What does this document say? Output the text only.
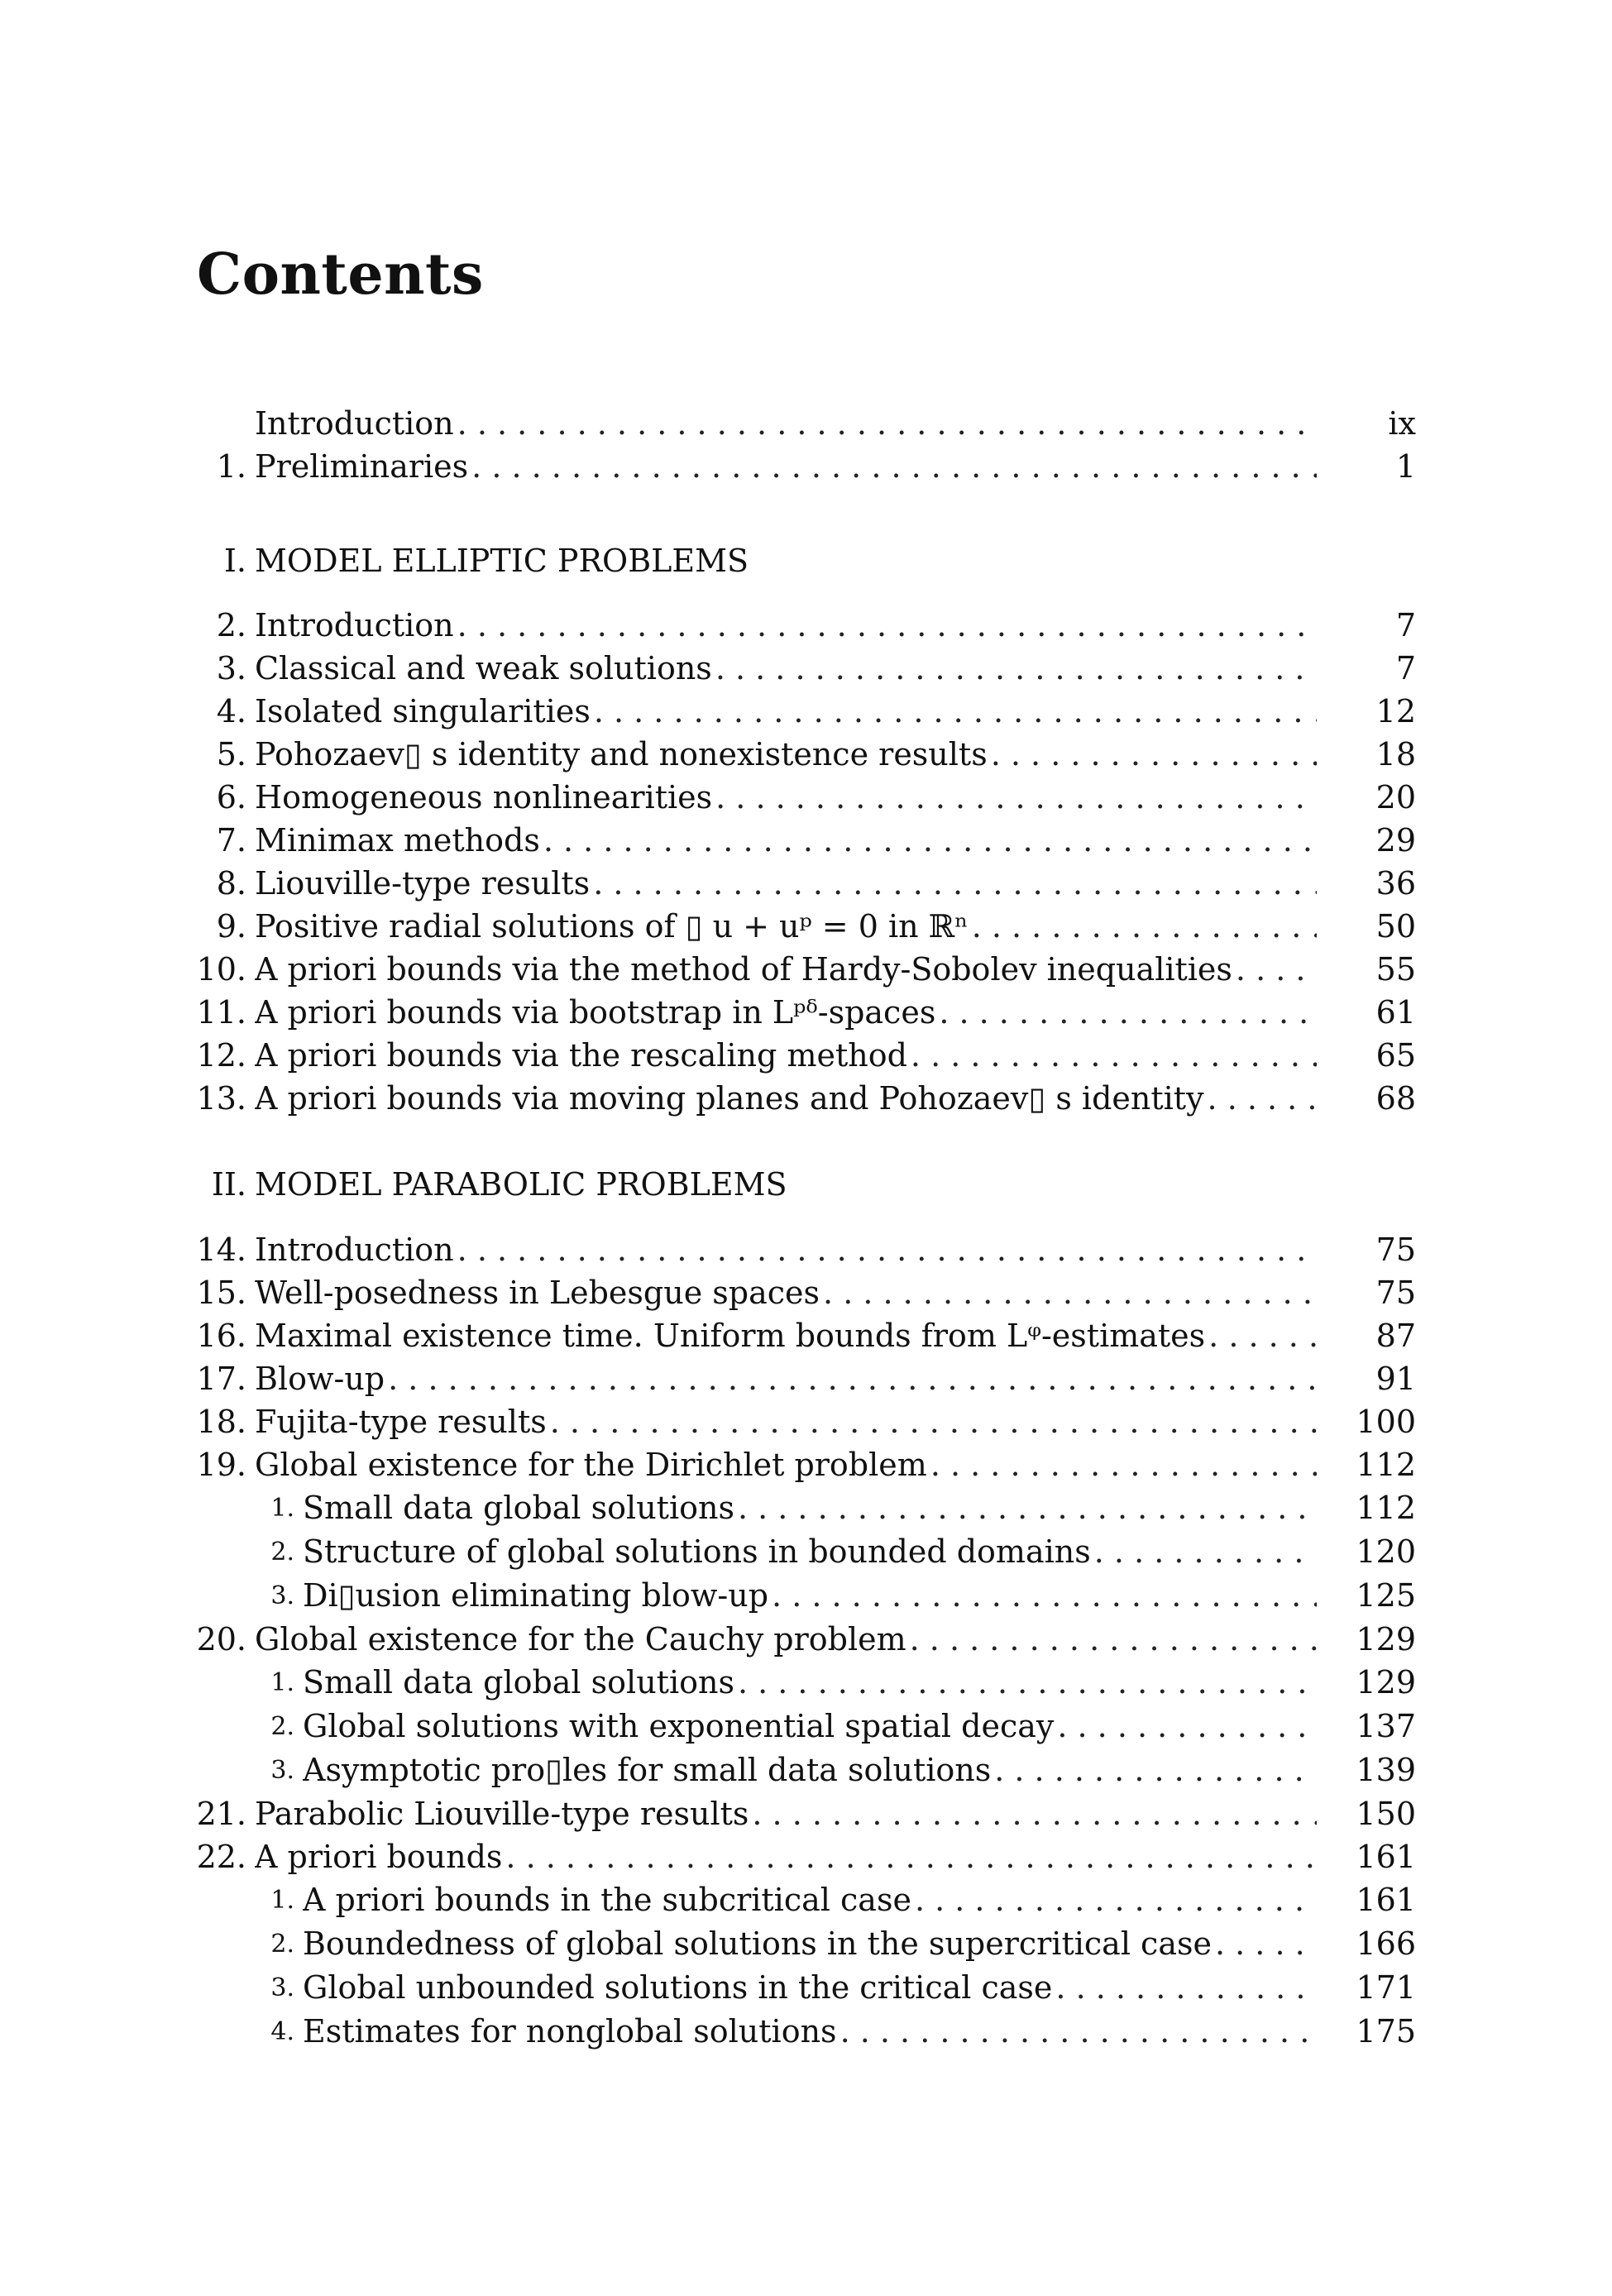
Contents
Introduction . . .	ix
1. Preliminaries . . .	1
I. MODEL ELLIPTIC PROBLEMS
2. Introduction . . .	7
3. Classical and weak solutions . . .	7
4. Isolated singularities . . .	12
5. Pohozaev▯ s identity and nonexistence results . . .	18
6. Homogeneous nonlinearities . . .	20
7. Minimax methods . . .	29
8. Liouville-type results . . .	36
9. Positive radial solutions of ▯ u + uᵖ = 0 in ℝⁿ . . .	50
10. A priori bounds via the method of Hardy-Sobolev inequalities . . .	55
11. A priori bounds via bootstrap in Lᵖᵟ-spaces . . .	61
12. A priori bounds via the rescaling method . . .	65
13. A priori bounds via moving planes and Pohozaev▯ s identity . . .	68
II. MODEL PARABOLIC PROBLEMS
14. Introduction . . .	75
15. Well-posedness in Lebesgue spaces . . .	75
16. Maximal existence time. Uniform bounds from Lᵠ-estimates . . .	87
17. Blow-up . . .	91
18. Fujita-type results . . .	100
19. Global existence for the Dirichlet problem . . .	112
1. Small data global solutions . . .	112
2. Structure of global solutions in bounded domains . . .	120
3. Di▯usion eliminating blow-up . . .	125
20. Global existence for the Cauchy problem . . .	129
1. Small data global solutions . . .	129
2. Global solutions with exponential spatial decay . . .	137
3. Asymptotic pro▯les for small data solutions . . .	139
21. Parabolic Liouville-type results . . .	150
22. A priori bounds . . .	161
1. A priori bounds in the subcritical case . . .	161
2. Boundedness of global solutions in the supercritical case . . .	166
3. Global unbounded solutions in the critical case . . .	171
4. Estimates for nonglobal solutions . . .	175
